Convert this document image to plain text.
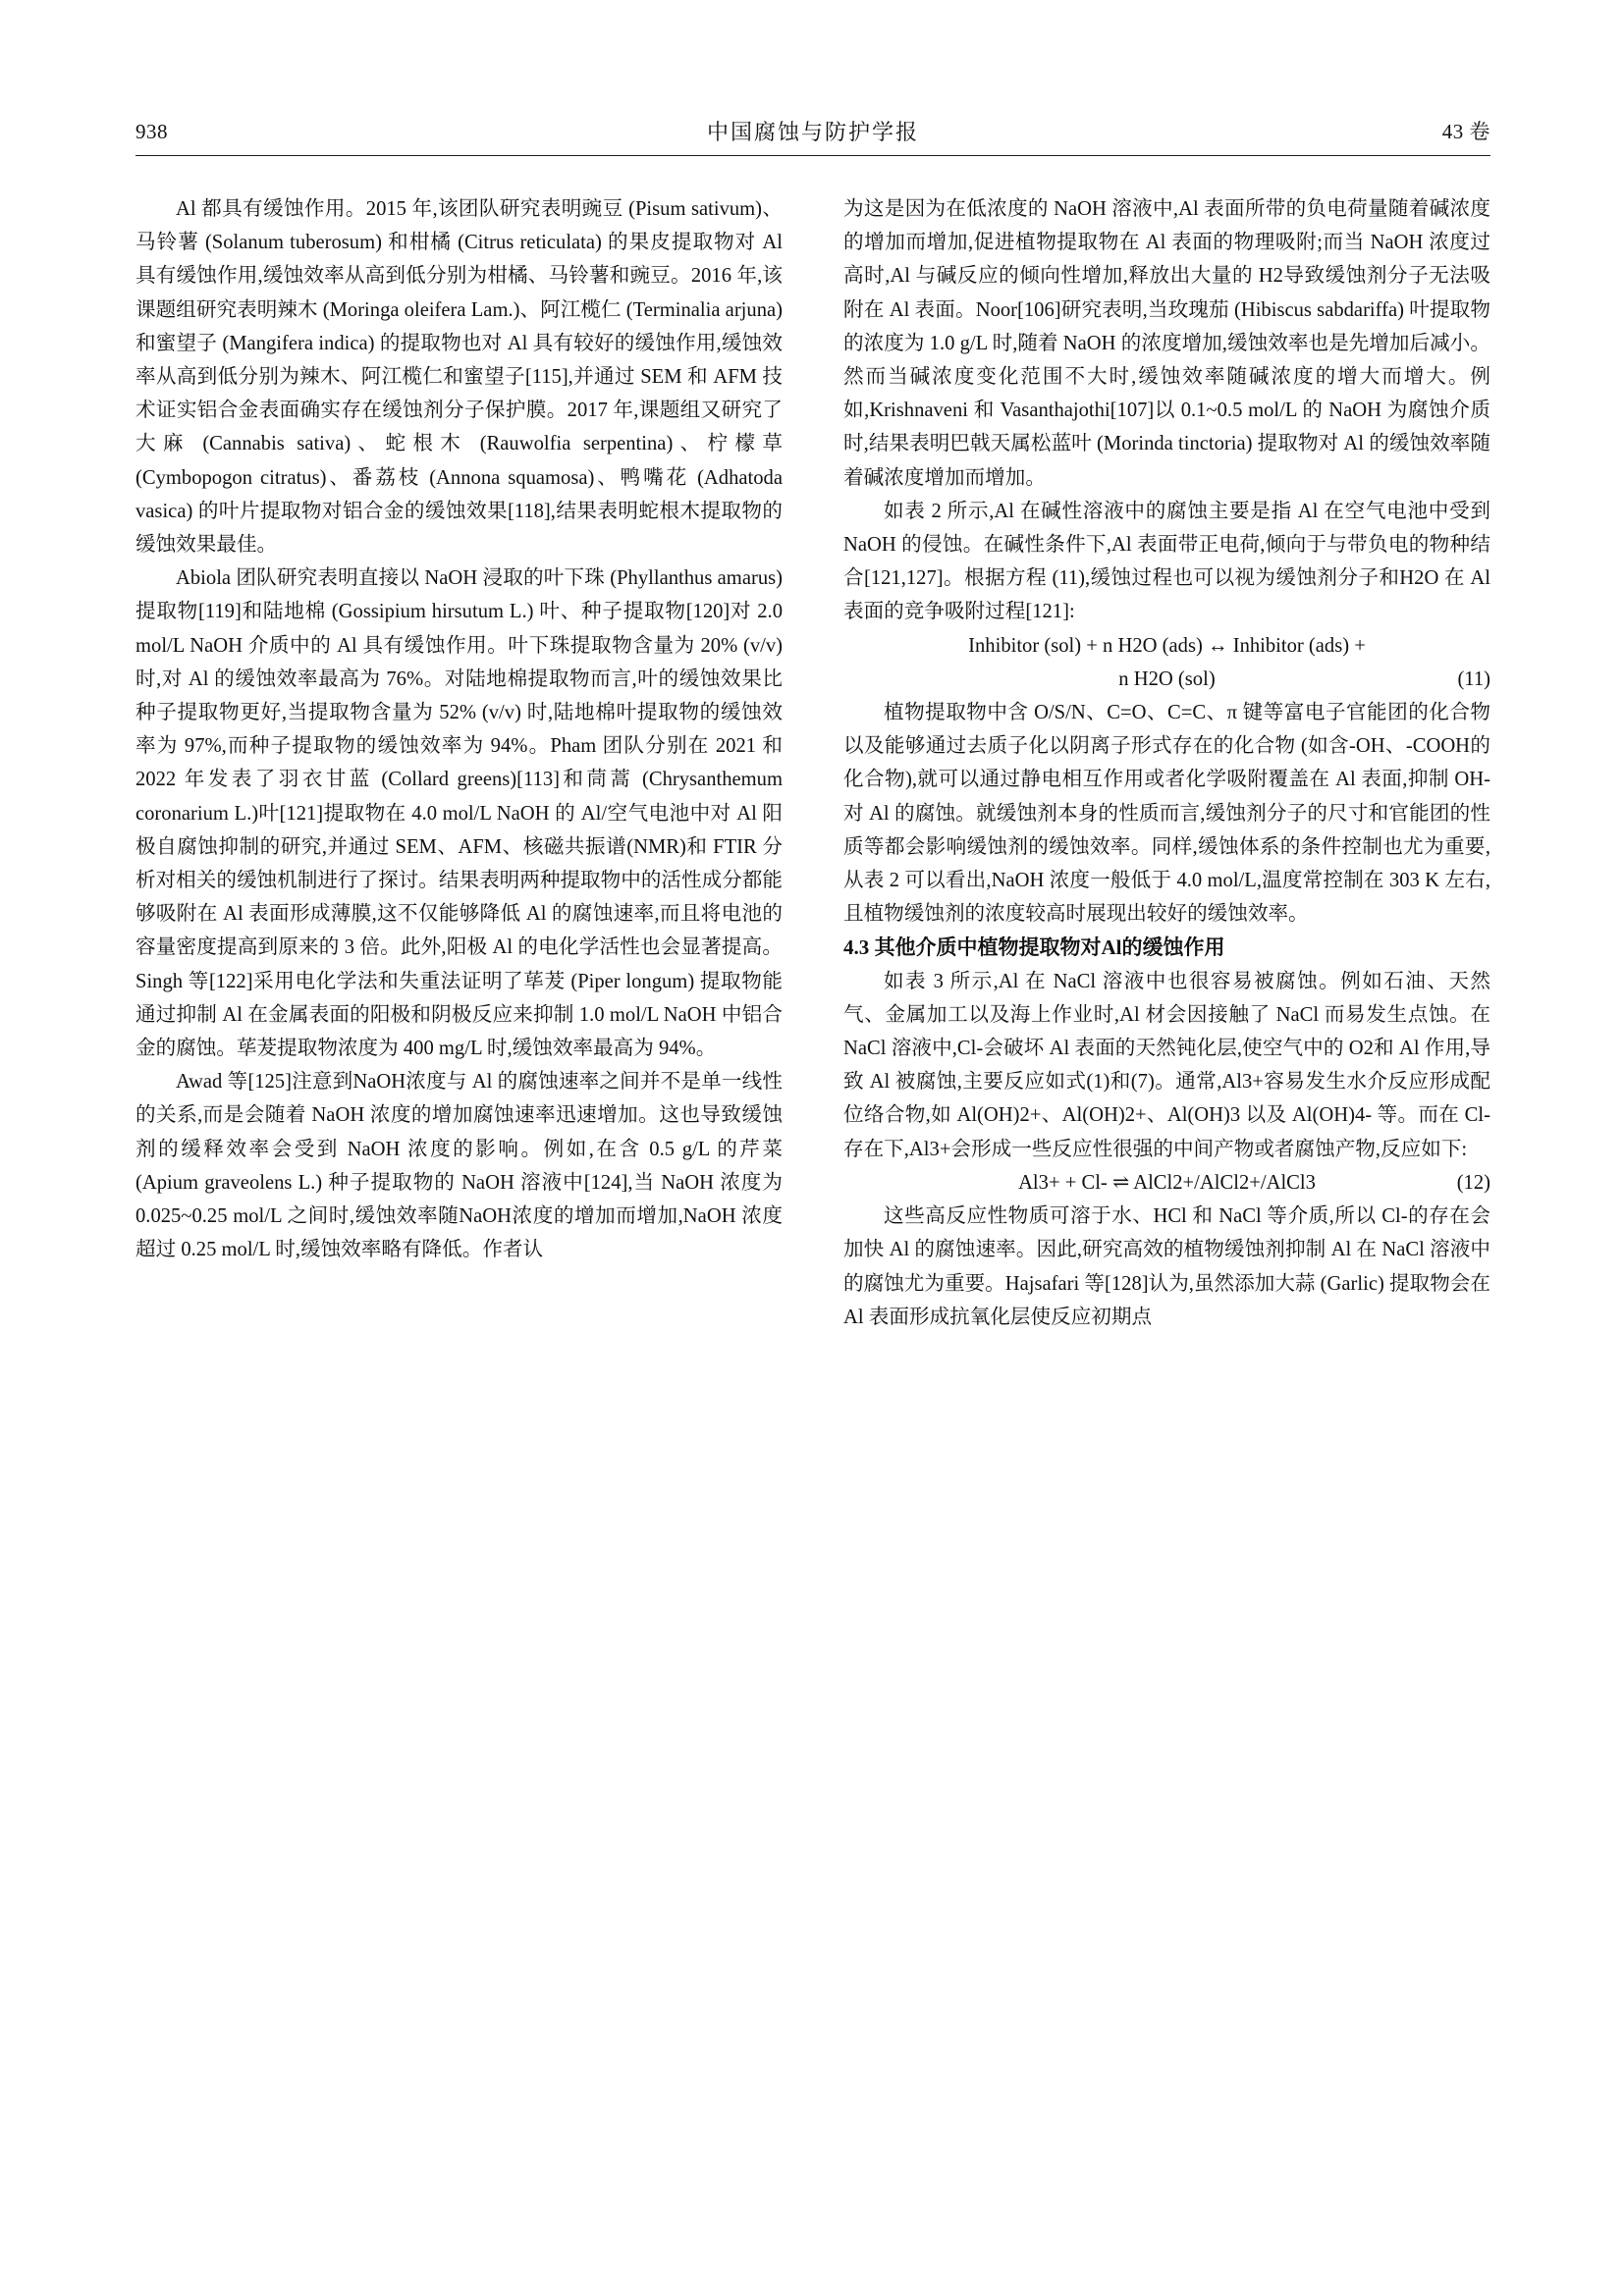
938	中国腐蚀与防护学报	43 卷

Al 都具有缓蚀作用。2015 年,该团队研究表明豌豆 (Pisum sativum)、马铃薯 (Solanum tuberosum) 和柑橘 (Citrus reticulata) 的果皮提取物对 Al 具有缓蚀作用,缓蚀效率从高到低分别为柑橘、马铃薯和豌豆。2016 年,该课题组研究表明辣木 (Moringa oleifera Lam.)、阿江榄仁 (Terminalia arjuna) 和蜜望子 (Mangifera indica) 的提取物也对 Al 具有较好的缓蚀作用,缓蚀效率从高到低分别为辣木、阿江榄仁和蜜望子[115],并通过 SEM 和 AFM 技术证实铝合金表面确实存在缓蚀剂分子保护膜。2017 年,课题组又研究了大麻 (Cannabis sativa)、蛇根木 (Rauwolfia serpentina)、柠檬草 (Cymbopogon citratus)、番荔枝 (Annona squamosa)、鸭嘴花 (Adhatoda vasica) 的叶片提取物对铝合金的缓蚀效果[118],结果表明蛇根木提取物的缓蚀效果最佳。

Abiola 团队研究表明直接以 NaOH 浸取的叶下珠 (Phyllanthus amarus) 提取物[119]和陆地棉 (Gossipium hirsutum L.) 叶、种子提取物[120]对 2.0 mol/L NaOH 介质中的 Al 具有缓蚀作用。叶下珠提取物含量为 20% (v/v) 时,对 Al 的缓蚀效率最高为 76%。对陆地棉提取物而言,叶的缓蚀效果比种子提取物更好,当提取物含量为 52% (v/v) 时,陆地棉叶提取物的缓蚀效率为 97%,而种子提取物的缓蚀效率为 94%。Pham 团队分别在 2021 和 2022 年发表了羽衣甘蓝 (Collard greens)[113]和茼蒿 (Chrysanthemum coronarium L.)叶[121]提取物在 4.0 mol/L NaOH 的 Al/空气电池中对 Al 阳极自腐蚀抑制的研究,并通过 SEM、AFM、核磁共振谱(NMR)和 FTIR 分析对相关的缓蚀机制进行了探讨。结果表明两种提取物中的活性成分都能够吸附在 Al 表面形成薄膜,这不仅能够降低 Al 的腐蚀速率,而且将电池的容量密度提高到原来的 3 倍。此外,阳极 Al 的电化学活性也会显著提高。Singh 等[122]采用电化学法和失重法证明了荜茇 (Piper longum) 提取物能通过抑制 Al 在金属表面的阳极和阴极反应来抑制 1.0 mol/L NaOH 中铝合金的腐蚀。荜茇提取物浓度为 400 mg/L 时,缓蚀效率最高为 94%。

Awad 等[125]注意到NaOH浓度与 Al 的腐蚀速率之间并不是单一线性的关系,而是会随着 NaOH 浓度的增加腐蚀速率迅速增加。这也导致缓蚀剂的缓释效率会受到 NaOH 浓度的影响。例如,在含 0.5 g/L 的芹菜 (Apium graveolens L.) 种子提取物的 NaOH 溶液中[124],当 NaOH 浓度为 0.025~0.25 mol/L 之间时,缓蚀效率随NaOH浓度的增加而增加,NaOH 浓度超过 0.25 mol/L 时,缓蚀效率略有降低。作者认

为这是因为在低浓度的 NaOH 溶液中,Al 表面所带的负电荷量随着碱浓度的增加而增加,促进植物提取物在 Al 表面的物理吸附;而当 NaOH 浓度过高时,Al 与碱反应的倾向性增加,释放出大量的 H2导致缓蚀剂分子无法吸附在 Al 表面。Noor[106]研究表明,当玫瑰茄 (Hibiscus sabdariffa) 叶提取物的浓度为 1.0 g/L 时,随着 NaOH 的浓度增加,缓蚀效率也是先增加后减小。然而当碱浓度变化范围不大时,缓蚀效率随碱浓度的增大而增大。例如,Krishnaveni 和 Vasanthajothi[107]以 0.1~0.5 mol/L 的 NaOH 为腐蚀介质时,结果表明巴戟天属松蓝叶 (Morinda tinctoria) 提取物对 Al 的缓蚀效率随着碱浓度增加而增加。

如表 2 所示,Al 在碱性溶液中的腐蚀主要是指 Al 在空气电池中受到 NaOH 的侵蚀。在碱性条件下,Al 表面带正电荷,倾向于与带负电的物种结合[121,127]。根据方程 (11),缓蚀过程也可以视为缓蚀剂分子和H2O 在 Al 表面的竞争吸附过程[121]:

Inhibitor (sol) + n H2O (ads) ↔ Inhibitor (ads) +

n H2O (sol)	(11)

植物提取物中含 O/S/N、C=O、C=C、π 键等富电子官能团的化合物以及能够通过去质子化以阴离子形式存在的化合物 (如含-OH、-COOH的化合物),就可以通过静电相互作用或者化学吸附覆盖在 Al 表面,抑制 OH-对 Al 的腐蚀。就缓蚀剂本身的性质而言,缓蚀剂分子的尺寸和官能团的性质等都会影响缓蚀剂的缓蚀效率。同样,缓蚀体系的条件控制也尤为重要,从表 2 可以看出,NaOH 浓度一般低于 4.0 mol/L,温度常控制在 303 K 左右,且植物缓蚀剂的浓度较高时展现出较好的缓蚀效率。

4.3 其他介质中植物提取物对Al的缓蚀作用

如表 3 所示,Al 在 NaCl 溶液中也很容易被腐蚀。例如石油、天然气、金属加工以及海上作业时,Al 材会因接触了 NaCl 而易发生点蚀。在 NaCl 溶液中,Cl-会破坏 Al 表面的天然钝化层,使空气中的 O2和 Al 作用,导致 Al 被腐蚀,主要反应如式(1)和(7)。通常,Al3+容易发生水介反应形成配位络合物,如 Al(OH)2+、Al(OH)2+、Al(OH)3 以及 Al(OH)4- 等。而在 Cl-存在下,Al3+会形成一些反应性很强的中间产物或者腐蚀产物,反应如下:

Al3+ + Cl- ⇌ AlCl2+/AlCl2+/AlCl3	(12)

这些高反应性物质可溶于水、HCl 和 NaCl 等介质,所以 Cl-的存在会加快 Al 的腐蚀速率。因此,研究高效的植物缓蚀剂抑制 Al 在 NaCl 溶液中的腐蚀尤为重要。Hajsafari 等[128]认为,虽然添加大蒜 (Garlic) 提取物会在 Al 表面形成抗氧化层使反应初期点
